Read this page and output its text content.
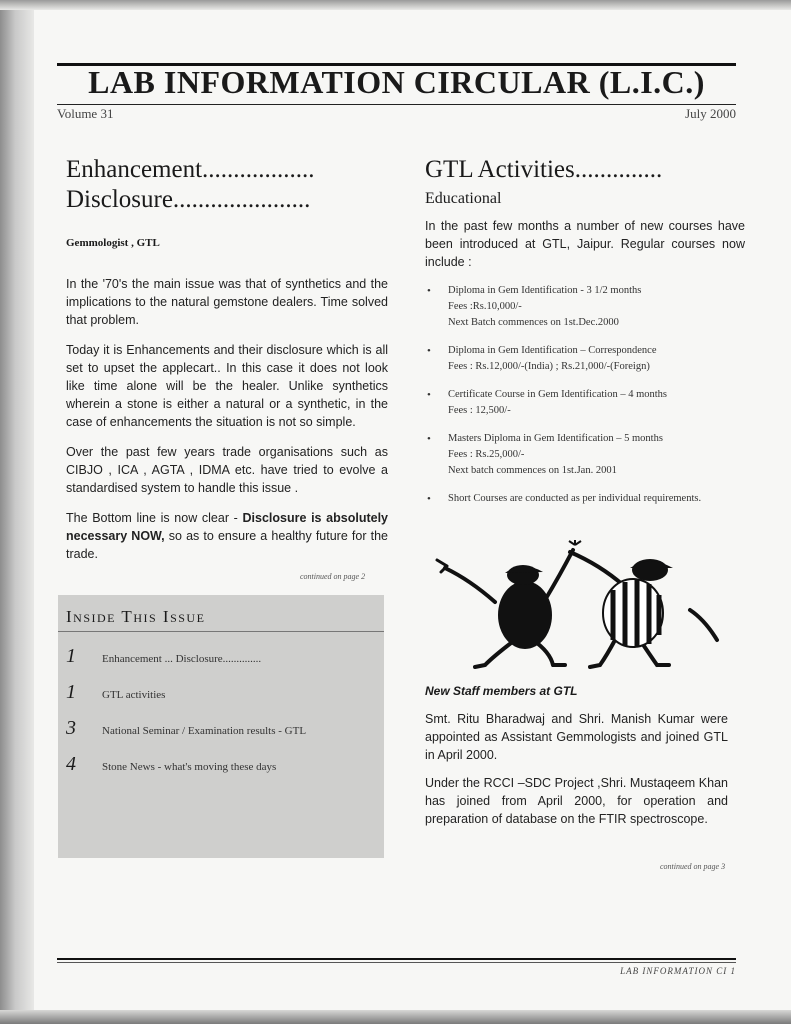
LAB INFORMATION CIRCULAR (L.I.C.)
Volume 31	July 2000
Enhancement..................
Disclosure......................
Gemmologist , GTL

In the '70's the main issue was that of synthetics and the implications to the natural gemstone dealers. Time solved that problem.

Today it is Enhancements and their disclosure which is all set to upset the applecart.. In this case it does not look like time alone will be the healer. Unlike synthetics wherein a stone is either a natural or a synthetic, in the case of enhancements the situation is not so simple.

Over the past few years trade organisations such as CIBJO , ICA , AGTA , IDMA etc. have tried to evolve a standardised system to handle this issue .

The Bottom line is now clear - Disclosure is absolutely necessary NOW, so as to ensure a healthy future for the trade.

continued on page 2
Inside This Issue
1 Enhancement ... Disclosure..............
1 GTL activities
3 National Seminar / Examination results - GTL
4 Stone News - what's moving these days
GTL Activities..............
Educational

In the past few months a number of new courses have been introduced at GTL, Jaipur. Regular courses now include :

• Diploma in Gem Identification - 3 1/2 months
Fees :Rs.10,000/-
Next Batch commences on 1st.Dec.2000
• Diploma in Gem Identification – Correspondence
Fees : Rs.12,000/-(India) ; Rs.21,000/-(Foreign)
• Certificate Course in Gem Identification – 4 months
Fees : 12,500/-
• Masters Diploma in Gem Identification – 5 months
Fees : Rs.25,000/-
Next batch commences on 1st.Jan. 2001
• Short Courses are conducted as per individual requirements.
New Staff members at GTL

Smt. Ritu Bharadwaj and Shri. Manish Kumar were appointed as Assistant Gemmologists and joined GTL in April 2000.

Under the RCCI –SDC Project ,Shri. Mustaqeem Khan has joined from April 2000, for operation and preparation of database on the FTIR spectroscope.

continued on page 3
LAB INFORMATION CI 1
